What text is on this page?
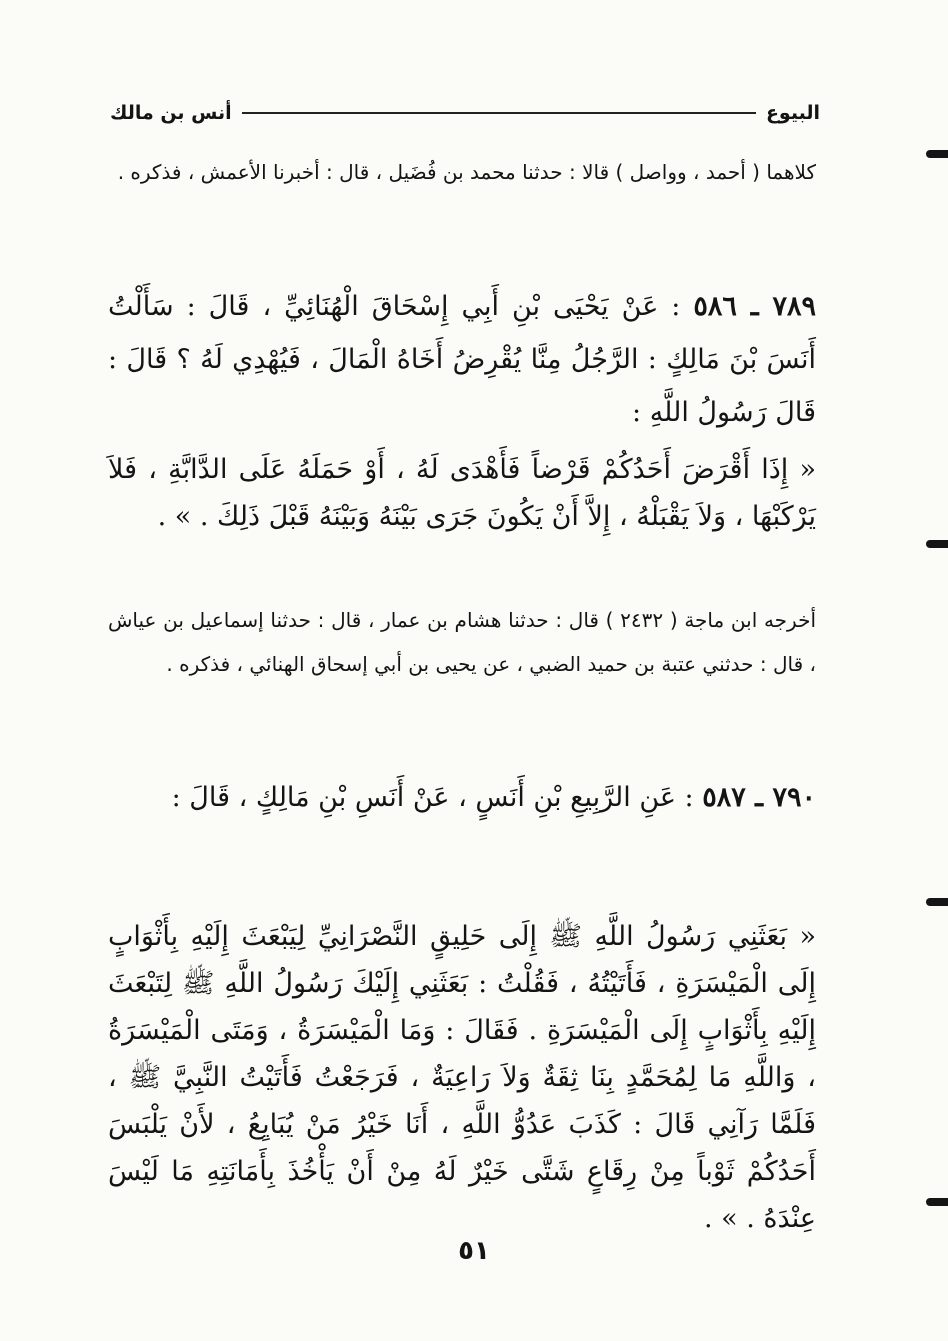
البيوع
أنس بن مالك

كلاهما ( أحمد ، وواصل ) قالا : حدثنا محمد بن فُضَيل ، قال : أخبرنا الأعمش ، فذكره .

٧٨٩ ـ ٥٨٦ : عَنْ يَحْيَى بْنِ أَبِي إِسْحَاقَ الْهُنَائِيِّ ، قَالَ : سَأَلْتُ أَنَسَ بْنَ مَالِكٍ : الرَّجُلُ مِنَّا يُقْرِضُ أَخَاهُ الْمَالَ ، فَيُهْدِي لَهُ ؟ قَالَ : قَالَ رَسُولُ اللَّهِ :

« إِذَا أَقْرَضَ أَحَدُكُمْ قَرْضاً فَأَهْدَى لَهُ ، أَوْ حَمَلَهُ عَلَى الدَّابَّةِ ، فَلاَ يَرْكَبْهَا ، وَلاَ يَقْبَلْهُ ، إِلاَّ أَنْ يَكُونَ جَرَى بَيْنَهُ وَبَيْنَهُ قَبْلَ ذَلِكَ . » .

أخرجه ابن ماجة ( ٢٤٣٢ ) قال : حدثنا هشام بن عمار ، قال : حدثنا إسماعيل بن عياش ، قال : حدثني عتبة بن حميد الضبي ، عن يحيى بن أبي إسحاق الهنائي ، فذكره .

٧٩٠ ـ ٥٨٧ : عَنِ الرَّبِيعِ بْنِ أَنَسٍ ، عَنْ أَنَسِ بْنِ مَالِكٍ ، قَالَ :

« بَعَثَنِي رَسُولُ اللَّهِ ﷺ إِلَى حَلِيقٍ النَّصْرَانِيِّ لِيَبْعَثَ إِلَيْهِ بِأَثْوَابٍ إِلَى الْمَيْسَرَةِ ، فَأَتَيْتُهُ ، فَقُلْتُ : بَعَثَنِي إِلَيْكَ رَسُولُ اللَّهِ ﷺ لِتَبْعَثَ إِلَيْهِ بِأَثْوَابٍ إِلَى الْمَيْسَرَةِ . فَقَالَ : وَمَا الْمَيْسَرَةُ ، وَمَتَى الْمَيْسَرَةُ ، وَاللَّهِ مَا لِمُحَمَّدٍ بِنَا ثِقَةٌ وَلاَ رَاعِيَةٌ ، فَرَجَعْتُ فَأَتَيْتُ النَّبِيَّ ﷺ ، فَلَمَّا رَآنِي قَالَ : كَذَبَ عَدُوُّ اللَّهِ ، أَنَا خَيْرُ مَنْ يُبَايِعُ ، لأَنْ يَلْبَسَ أَحَدُكُمْ ثَوْباً مِنْ رِقَاعٍ شَتَّى خَيْرٌ لَهُ مِنْ أَنْ يَأْخُذَ بِأَمَانَتِهِ مَا لَيْسَ عِنْدَهُ . » .

٥١
